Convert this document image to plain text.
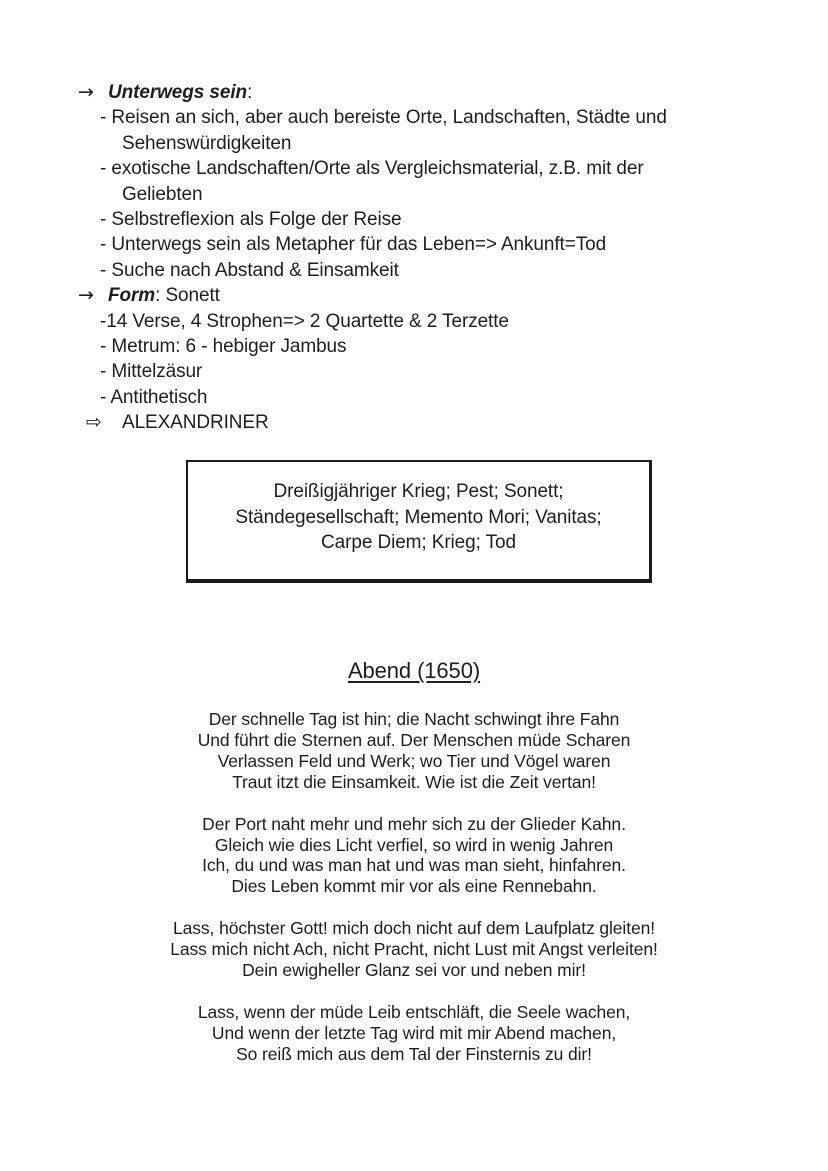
→ Unterwegs sein:
- Reisen an sich, aber auch bereiste Orte, Landschaften, Städte und
Sehenswürdigkeiten
- exotische Landschaften/Orte als Vergleichsmaterial, z.B. mit der
Geliebten
- Selbstreflexion als Folge der Reise
- Unterwegs sein als Metapher für das Leben=> Ankunft=Tod
- Suche nach Abstand & Einsamkeit
→ Form: Sonett
-14 Verse, 4 Strophen=> 2 Quartette & 2 Terzette
- Metrum: 6 - hebiger Jambus
- Mittelzäsur
- Antithetisch
⇨ ALEXANDRINER
Dreißigjähriger Krieg; Pest; Sonett;
Ständegesellschaft; Memento Mori; Vanitas;
Carpe Diem; Krieg; Tod
Abend (1650)
Der schnelle Tag ist hin; die Nacht schwingt ihre Fahn
Und führt die Sternen auf. Der Menschen müde Scharen
Verlassen Feld und Werk; wo Tier und Vögel waren
Traut itzt die Einsamkeit. Wie ist die Zeit vertan!
Der Port naht mehr und mehr sich zu der Glieder Kahn.
Gleich wie dies Licht verfiel, so wird in wenig Jahren
Ich, du und was man hat und was man sieht, hinfahren.
Dies Leben kommt mir vor als eine Rennebahn.
Lass, höchster Gott! mich doch nicht auf dem Laufplatz gleiten!
Lass mich nicht Ach, nicht Pracht, nicht Lust mit Angst verleiten!
Dein ewigheller Glanz sei vor und neben mir!
Lass, wenn der müde Leib entschläft, die Seele wachen,
Und wenn der letzte Tag wird mit mir Abend machen,
So reiß mich aus dem Tal der Finsternis zu dir!
